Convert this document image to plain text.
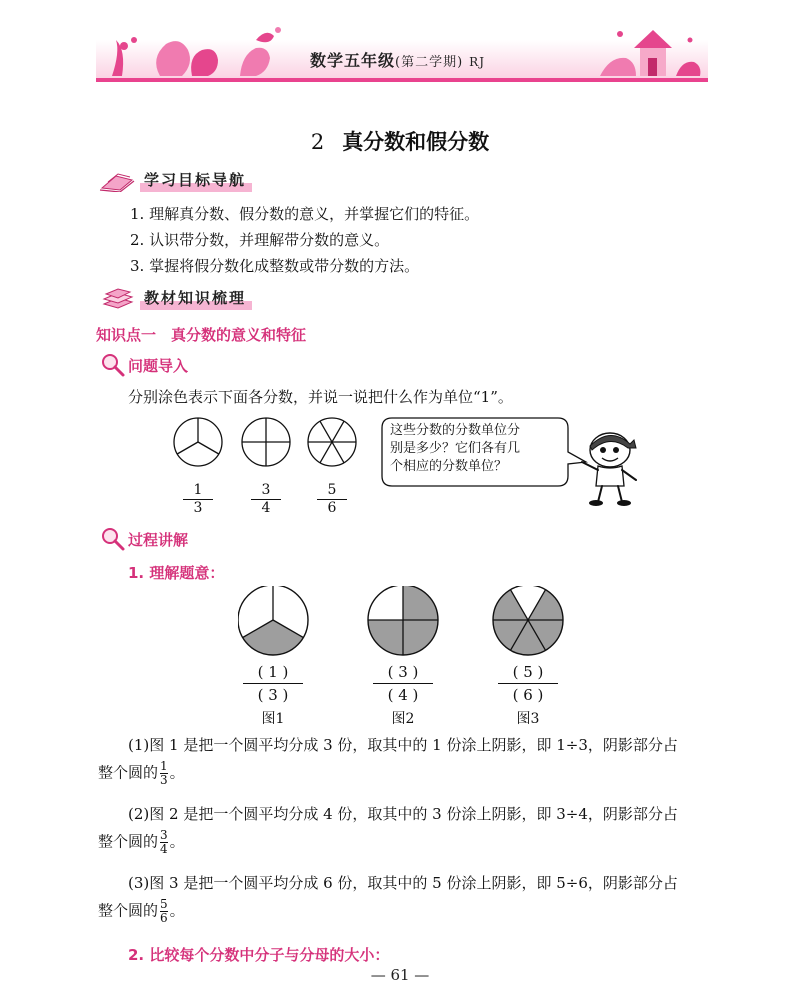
数学五年级(第二学期) RJ
2 真分数和假分数
学习目标导航
1. 理解真分数、假分数的意义，并掌握它们的特征。
2. 认识带分数，并理解带分数的意义。
3. 掌握将假分数化成整数或带分数的方法。
教材知识梳理
知识点一　真分数的意义和特征
问题导入
分别涂色表示下面各分数，并说一说把什么作为单位“1”。
$\frac{1}{3}$	$\frac{3}{4}$	$\frac{5}{6}$
这些分数的分数单位分
别是多少？它们各有几
个相应的分数单位？
过程讲解
1. 理解题意：
( 1 )
( 3 )
( 3 )
( 4 )
( 5 )
( 6 )
图1	图2	图3
(1)图 1 是把一个圆平均分成 3 份，取其中的 1 份涂上阴影，即 1÷3，阴影部分占
整个圆的 $\frac{1}{3}$ 。
(2)图 2 是把一个圆平均分成 4 份，取其中的 3 份涂上阴影，即 3÷4，阴影部分占
整个圆的 $\frac{3}{4}$ 。
(3)图 3 是把一个圆平均分成 6 份，取其中的 5 份涂上阴影，即 5÷6，阴影部分占
整个圆的 $\frac{5}{6}$ 。
2. 比较每个分数中分子与分母的大小：
— 61 —
